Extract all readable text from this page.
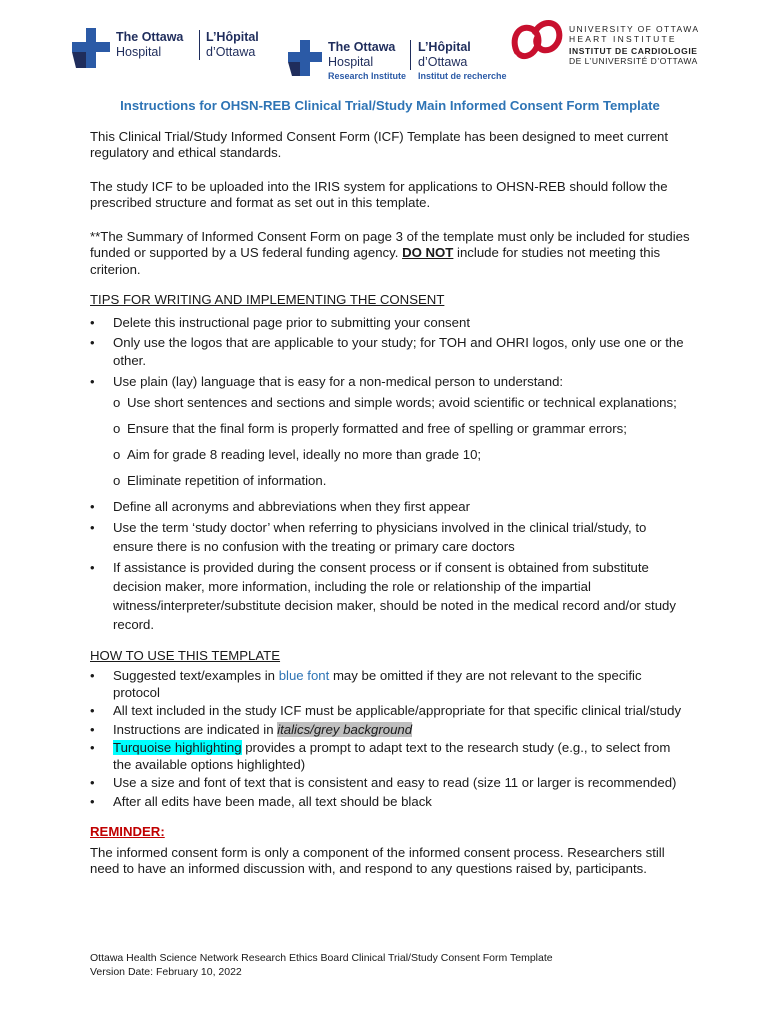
The Ottawa
Hospital
L’Hôpital
d’Ottawa	The Ottawa
Hospital
Research Institute
L’Hôpital
d’Ottawa
Institut de recherche
UNIVERSITY OF OTTAWA
HEART INSTITUTE
INSTITUT DE CARDIOLOGIE
DE L’UNIVERSITÉ D’OTTAWA
Instructions for OHSN-REB Clinical Trial/Study Main Informed Consent Form Template

This Clinical Trial/Study Informed Consent Form (ICF) Template has been designed to meet current regulatory and ethical standards.

The study ICF to be uploaded into the IRIS system for applications to OHSN-REB should follow the prescribed structure and format as set out in this template.

**The Summary of Informed Consent Form on page 3 of the template must only be included for studies funded or supported by a US federal funding agency. DO NOT include for studies not meeting this criterion.

TIPS FOR WRITING AND IMPLEMENTING THE CONSENT
• Delete this instructional page prior to submitting your consent
• Only use the logos that are applicable to your study; for TOH and OHRI logos, only use one or the other.
• Use plain (lay) language that is easy for a non-medical person to understand:
o Use short sentences and sections and simple words; avoid scientific or technical explanations;
o Ensure that the final form is properly formatted and free of spelling or grammar errors;
o Aim for grade 8 reading level, ideally no more than grade 10;
o Eliminate repetition of information.
• Define all acronyms and abbreviations when they first appear
• Use the term ‘study doctor’ when referring to physicians involved in the clinical trial/study, to ensure there is no confusion with the treating or primary care doctors
• If assistance is provided during the consent process or if consent is obtained from substitute decision maker, more information, including the role or relationship of the impartial witness/interpreter/substitute decision maker, should be noted in the medical record and/or study record.
HOW TO USE THIS TEMPLATE
• Suggested text/examples in blue font may be omitted if they are not relevant to the specific protocol
• All text included in the study ICF must be applicable/appropriate for that specific clinical trial/study
• Instructions are indicated in italics/grey background
• Turquoise highlighting provides a prompt to adapt text to the research study (e.g., to select from the available options highlighted)
• Use a size and font of text that is consistent and easy to read (size 11 or larger is recommended)
• After all edits have been made, all text should be black
REMINDER:

The informed consent form is only a component of the informed consent process. Researchers still need to have an informed discussion with, and respond to any questions raised by, participants.

Ottawa Health Science Network Research Ethics Board Clinical Trial/Study Consent Form Template
Version Date: February 10, 2022
